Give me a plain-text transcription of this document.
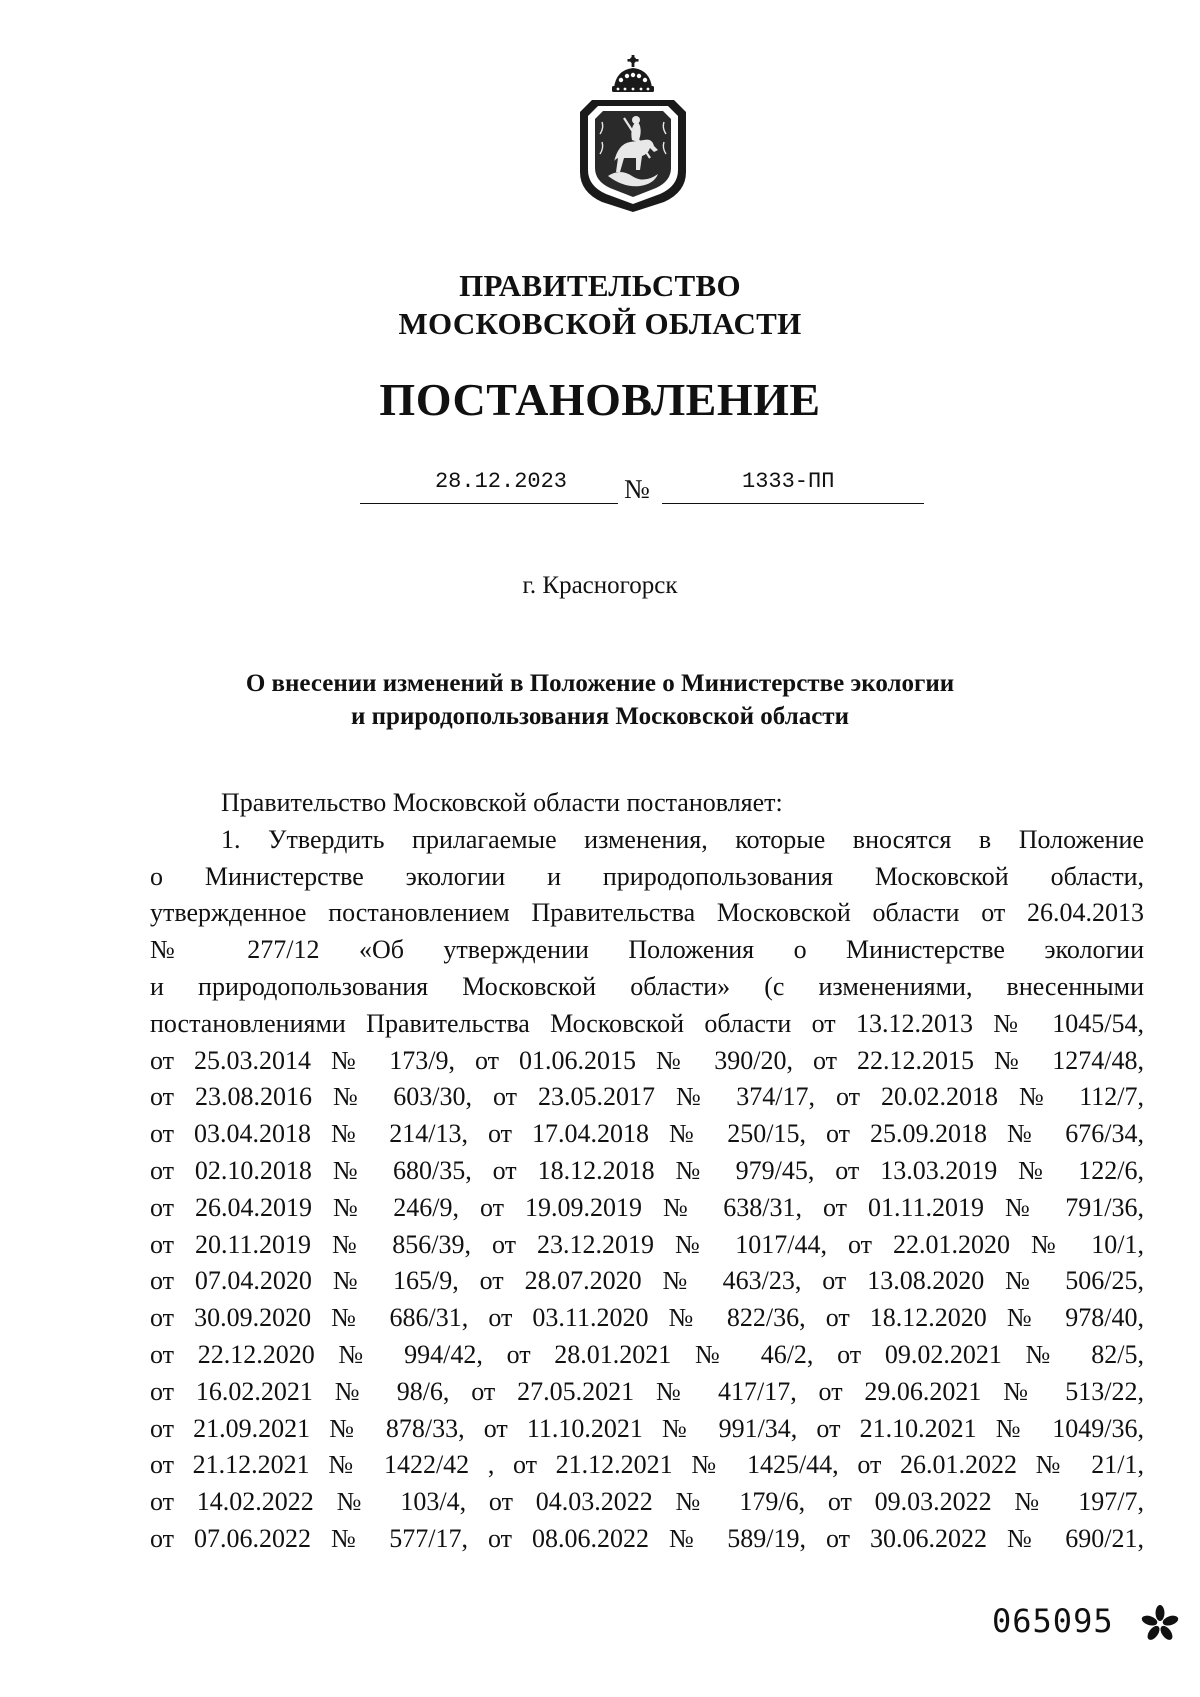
ПРАВИТЕЛЬСТВО
МОСКОВСКОЙ ОБЛАСТИ
ПОСТАНОВЛЕНИЕ
28.12.2023	№	1333-ПП
г. Красногорск
О внесении изменений в Положение о Министерстве экологии
и природопользования Московской области
Правительство Московской области постановляет:
1. Утвердить прилагаемые изменения, которые вносятся в Положение
о Министерстве экологии и природопользования Московской области,
утвержденное постановлением Правительства Московской области от 26.04.2013
№ 277/12 «Об утверждении Положения о Министерстве экологии
и природопользования Московской области» (с изменениями, внесенными
постановлениями Правительства Московской области от 13.12.2013 № 1045/54,
от 25.03.2014 № 173/9, от 01.06.2015 № 390/20, от 22.12.2015 № 1274/48,
от 23.08.2016 № 603/30, от 23.05.2017 № 374/17, от 20.02.2018 № 112/7,
от 03.04.2018 № 214/13, от 17.04.2018 № 250/15, от 25.09.2018 № 676/34,
от 02.10.2018 № 680/35, от 18.12.2018 № 979/45, от 13.03.2019 № 122/6,
от 26.04.2019 № 246/9, от 19.09.2019 № 638/31, от 01.11.2019 № 791/36,
от 20.11.2019 № 856/39, от 23.12.2019 № 1017/44, от 22.01.2020 № 10/1,
от 07.04.2020 № 165/9, от 28.07.2020 № 463/23, от 13.08.2020 № 506/25,
от 30.09.2020 № 686/31, от 03.11.2020 № 822/36, от 18.12.2020 № 978/40,
от 22.12.2020 № 994/42, от 28.01.2021 № 46/2, от 09.02.2021 № 82/5,
от 16.02.2021 № 98/6, от 27.05.2021 № 417/17, от 29.06.2021 № 513/22,
от 21.09.2021 № 878/33, от 11.10.2021 № 991/34, от 21.10.2021 № 1049/36,
от 21.12.2021 № 1422/42 , от 21.12.2021 № 1425/44, от 26.01.2022 № 21/1,
от 14.02.2022 № 103/4, от 04.03.2022 № 179/6, от 09.03.2022 № 197/7,
от 07.06.2022 № 577/17, от 08.06.2022 № 589/19, от 30.06.2022 № 690/21,
065095
